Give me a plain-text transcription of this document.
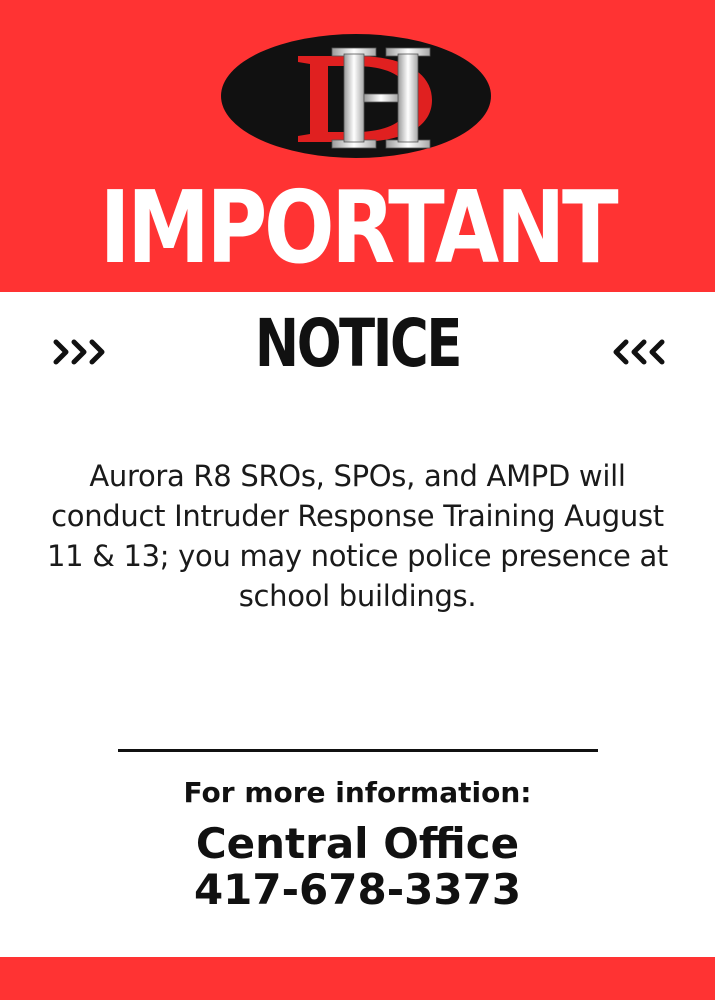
IMPORTANT
NOTICE
Aurora R8 SROs, SPOs, and AMPD will conduct Intruder Response Training August 11 & 13; you may notice police presence at school buildings.
For more information:
Central Office
417-678-3373
